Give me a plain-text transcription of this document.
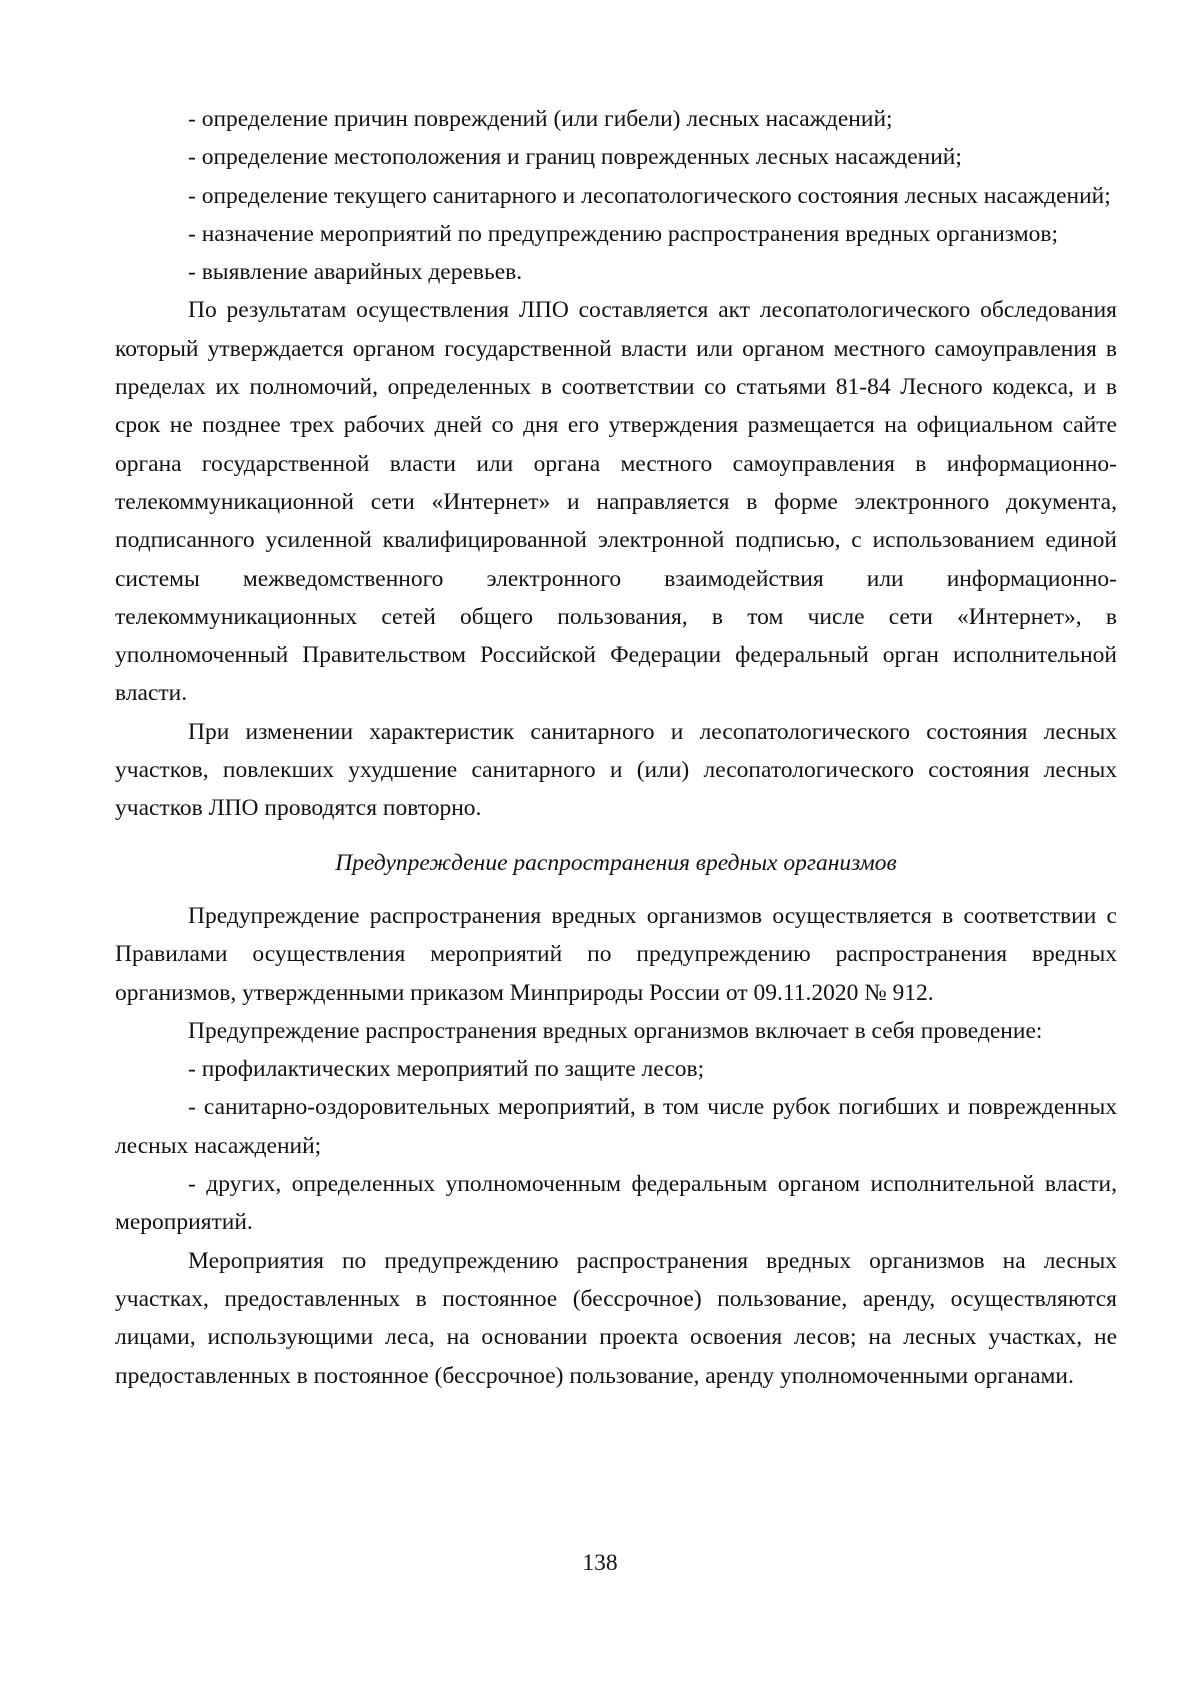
- определение причин повреждений (или гибели) лесных насаждений;

- определение местоположения и границ поврежденных лесных насаждений;

- определение текущего санитарного и лесопатологического состояния лесных насаждений;

- назначение мероприятий по предупреждению распространения вредных организмов;

- выявление аварийных деревьев.

По результатам осуществления ЛПО составляется акт лесопатологического обследования который утверждается органом государственной власти или органом местного самоуправления в пределах их полномочий, определенных в соответствии со статьями 81-84 Лесного кодекса, и в срок не позднее трех рабочих дней со дня его утверждения размещается на официальном сайте органа государственной власти или органа местного самоуправления в информационно-телекоммуникационной сети «Интернет» и направляется в форме электронного документа, подписанного усиленной квалифицированной электронной подписью, с использованием единой системы межведомственного электронного взаимодействия или информационно-телекоммуникационных сетей общего пользования, в том числе сети «Интернет», в уполномоченный Правительством Российской Федерации федеральный орган исполнительной власти.

При изменении характеристик санитарного и лесопатологического состояния лесных участков, повлекших ухудшение санитарного и (или) лесопатологического состояния лесных участков ЛПО проводятся повторно.

Предупреждение распространения вредных организмов

Предупреждение распространения вредных организмов осуществляется в соответствии с Правилами осуществления мероприятий по предупреждению распространения вредных организмов, утвержденными приказом Минприроды России от 09.11.2020 № 912.

Предупреждение распространения вредных организмов включает в себя проведение:

- профилактических мероприятий по защите лесов;

- санитарно-оздоровительных мероприятий, в том числе рубок погибших и поврежденных лесных насаждений;

- других, определенных уполномоченным федеральным органом исполнительной власти, мероприятий.

Мероприятия по предупреждению распространения вредных организмов на лесных участках, предоставленных в постоянное (бессрочное) пользование, аренду, осуществляются лицами, использующими леса, на основании проекта освоения лесов; на лесных участках, не предоставленных в постоянное (бессрочное) пользование, аренду уполномоченными органами.

138
